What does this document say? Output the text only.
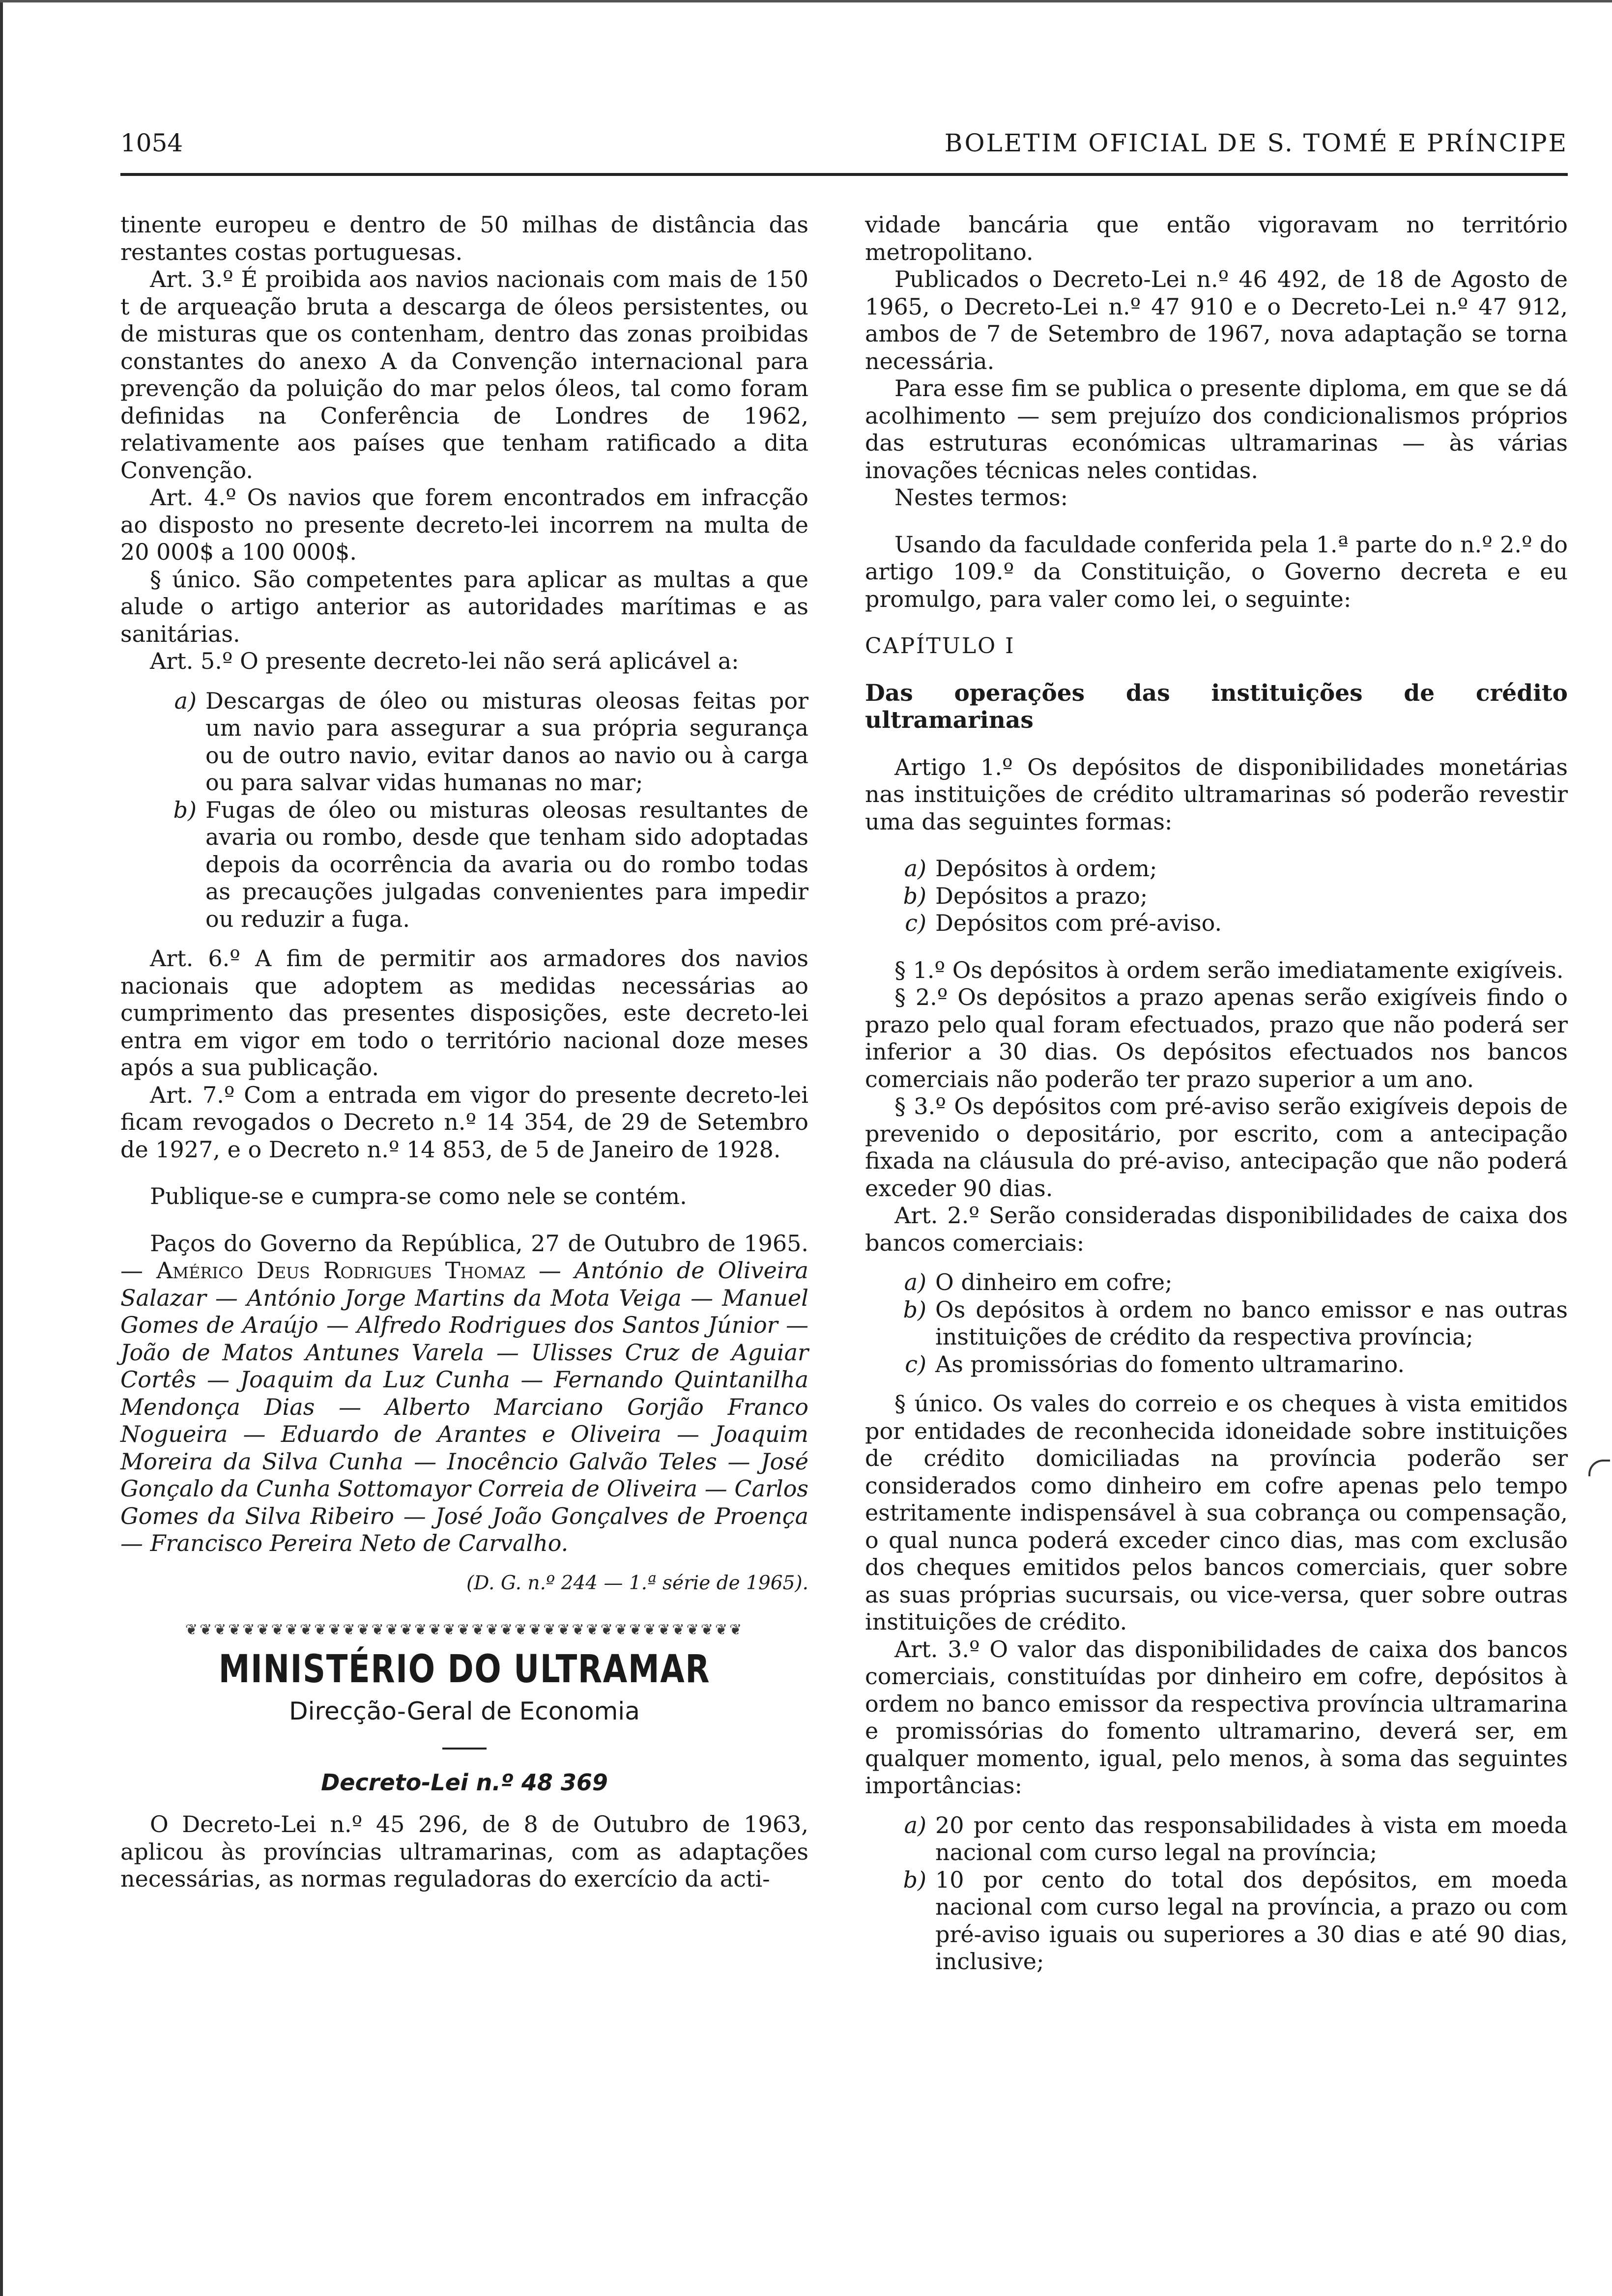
1054	BOLETIM OFICIAL DE S. TOMÉ E PRÍNCIPE

tinente europeu e dentro de 50 milhas de distância das restantes costas portuguesas.

Art. 3.º É proibida aos navios nacionais com mais de 150 t de arqueação bruta a descarga de óleos persistentes, ou de misturas que os contenham, dentro das zonas proibidas constantes do anexo A da Convenção internacional para prevenção da poluição do mar pelos óleos, tal como foram definidas na Conferência de Londres de 1962, relativamente aos países que tenham ratificado a dita Convenção.

Art. 4.º Os navios que forem encontrados em infracção ao disposto no presente decreto-lei incorrem na multa de 20 000$ a 100 000$.

§ único. São competentes para aplicar as multas a que alude o artigo anterior as autoridades marítimas e as sanitárias.

Art. 5.º O presente decreto-lei não será aplicável a:

a) Descargas de óleo ou misturas oleosas feitas por um navio para assegurar a sua própria segurança ou de outro navio, evitar danos ao navio ou à carga ou para salvar vidas humanas no mar;
b) Fugas de óleo ou misturas oleosas resultantes de avaria ou rombo, desde que tenham sido adoptadas depois da ocorrência da avaria ou do rombo todas as precauções julgadas convenientes para impedir ou reduzir a fuga.

Art. 6.º A fim de permitir aos armadores dos navios nacionais que adoptem as medidas necessárias ao cumprimento das presentes disposições, este decreto-lei entra em vigor em todo o território nacional doze meses após a sua publicação.

Art. 7.º Com a entrada em vigor do presente decreto-lei ficam revogados o Decreto n.º 14 354, de 29 de Setembro de 1927, e o Decreto n.º 14 853, de 5 de Janeiro de 1928.

Publique-se e cumpra-se como nele se contém.

Paços do Governo da República, 27 de Outubro de 1965. — Américo Deus Rodrigues Thomaz — António de Oliveira Salazar — António Jorge Martins da Mota Veiga — Manuel Gomes de Araújo — Alfredo Rodrigues dos Santos Júnior — João de Matos Antunes Varela — Ulisses Cruz de Aguiar Cortês — Joaquim da Luz Cunha — Fernando Quintanilha Mendonça Dias — Alberto Marciano Gorjão Franco Nogueira — Eduardo de Arantes e Oliveira — Joaquim Moreira da Silva Cunha — Inocêncio Galvão Teles — José Gonçalo da Cunha Sottomayor Correia de Oliveira — Carlos Gomes da Silva Ribeiro — José João Gonçalves de Proença — Francisco Pereira Neto de Carvalho.

(D. G. n.º 244 — 1.ª série de 1965).

❦❦❦❦❦❦❦❦❦❦❦❦❦❦❦❦❦❦❦❦❦❦❦❦❦❦❦❦❦❦❦❦❦❦❦❦❦❦❦
MINISTÉRIO DO ULTRAMAR
Direcção-Geral de Economia
Decreto-Lei n.º 48 369

O Decreto-Lei n.º 45 296, de 8 de Outubro de 1963, aplicou às províncias ultramarinas, com as adaptações necessárias, as normas reguladoras do exercício da acti-

vidade bancária que então vigoravam no território metropolitano.

Publicados o Decreto-Lei n.º 46 492, de 18 de Agosto de 1965, o Decreto-Lei n.º 47 910 e o Decreto-Lei n.º 47 912, ambos de 7 de Setembro de 1967, nova adaptação se torna necessária.

Para esse fim se publica o presente diploma, em que se dá acolhimento — sem prejuízo dos condicionalismos próprios das estruturas económicas ultramarinas — às várias inovações técnicas neles contidas.

Nestes termos:

Usando da faculdade conferida pela 1.ª parte do n.º 2.º do artigo 109.º da Constituição, o Governo decreta e eu promulgo, para valer como lei, o seguinte:

CAPÍTULO I

Das operações das instituições de crédito ultramarinas

Artigo 1.º Os depósitos de disponibilidades monetárias nas instituições de crédito ultramarinas só poderão revestir uma das seguintes formas:

a) Depósitos à ordem;
b) Depósitos a prazo;
c) Depósitos com pré-aviso.

§ 1.º Os depósitos à ordem serão imediatamente exigíveis.

§ 2.º Os depósitos a prazo apenas serão exigíveis findo o prazo pelo qual foram efectuados, prazo que não poderá ser inferior a 30 dias. Os depósitos efectuados nos bancos comerciais não poderão ter prazo superior a um ano.

§ 3.º Os depósitos com pré-aviso serão exigíveis depois de prevenido o depositário, por escrito, com a antecipação fixada na cláusula do pré-aviso, antecipação que não poderá exceder 90 dias.

Art. 2.º Serão consideradas disponibilidades de caixa dos bancos comerciais:

a) O dinheiro em cofre;
b) Os depósitos à ordem no banco emissor e nas outras instituições de crédito da respectiva província;
c) As promissórias do fomento ultramarino.

§ único. Os vales do correio e os cheques à vista emitidos por entidades de reconhecida idoneidade sobre instituições de crédito domiciliadas na província poderão ser considerados como dinheiro em cofre apenas pelo tempo estritamente indispensável à sua cobrança ou compensação, o qual nunca poderá exceder cinco dias, mas com exclusão dos cheques emitidos pelos bancos comerciais, quer sobre as suas próprias sucursais, ou vice-versa, quer sobre outras instituições de crédito.

Art. 3.º O valor das disponibilidades de caixa dos bancos comerciais, constituídas por dinheiro em cofre, depósitos à ordem no banco emissor da respectiva província ultramarina e promissórias do fomento ultramarino, deverá ser, em qualquer momento, igual, pelo menos, à soma das seguintes importâncias:

a) 20 por cento das responsabilidades à vista em moeda nacional com curso legal na província;
b) 10 por cento do total dos depósitos, em moeda nacional com curso legal na província, a prazo ou com pré-aviso iguais ou superiores a 30 dias e até 90 dias, inclusive;
